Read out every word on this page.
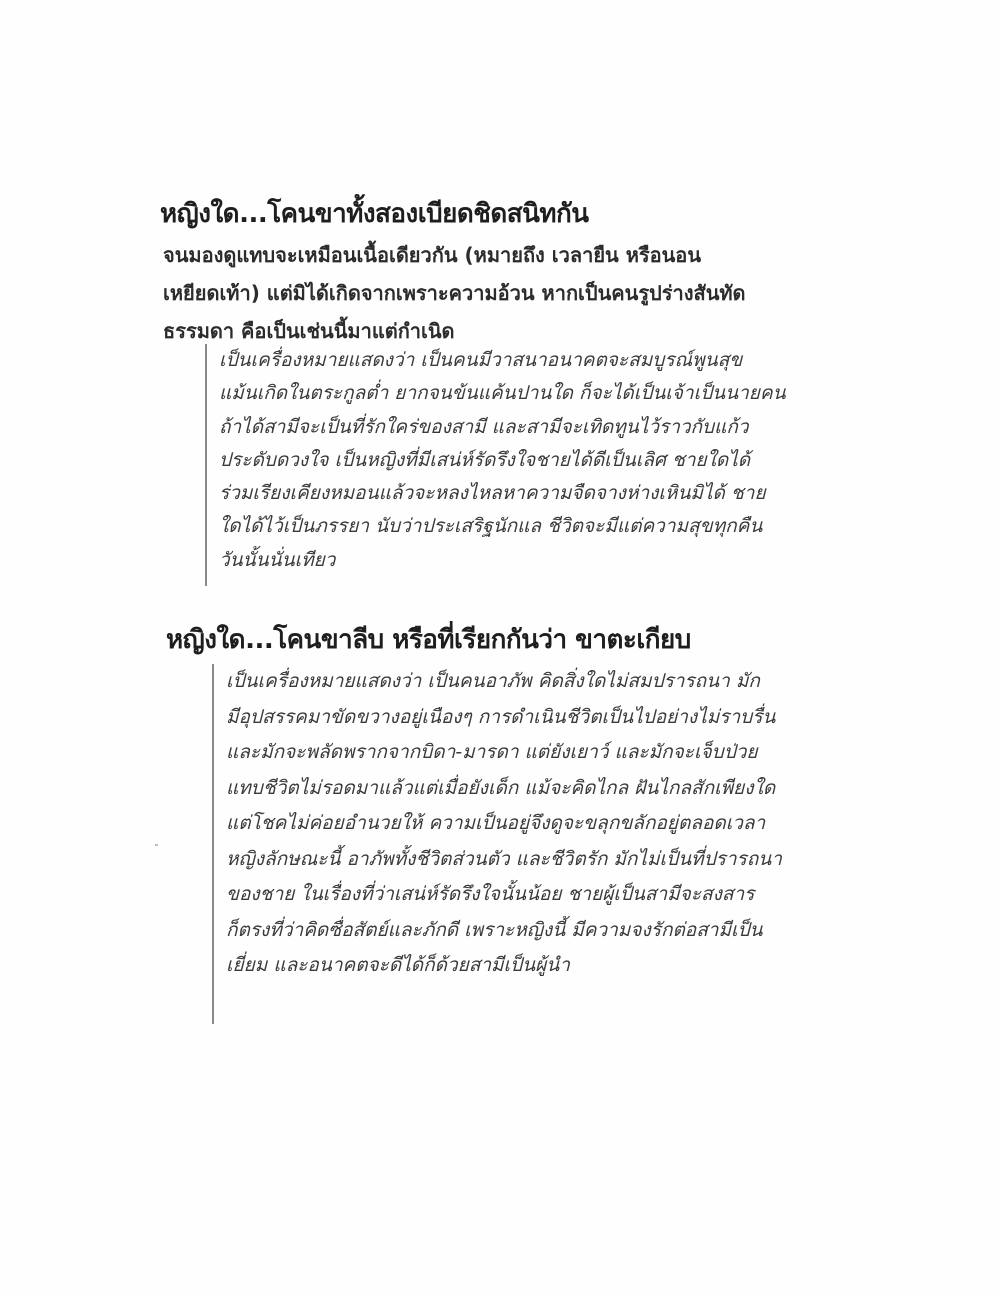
หญิงใด...โคนขาทั้งสองเบียดชิดสนิทกัน
จนมองดูแทบจะเหมือนเนื้อเดียวกัน (หมายถึง เวลายืน หรือนอน
เหยียดเท้า) แต่มิได้เกิดจากเพราะความอ้วน หากเป็นคนรูปร่างสันทัด
ธรรมดา คือเป็นเช่นนี้มาแต่กำเนิด
เป็นเครื่องหมายแสดงว่า เป็นคนมีวาสนาอนาคตจะสมบูรณ์พูนสุข
แม้นเกิดในตระกูลต่ำ ยากจนข้นแค้นปานใด ก็จะได้เป็นเจ้าเป็นนายคน
ถ้าได้สามีจะเป็นที่รักใคร่ของสามี และสามีจะเทิดทูนไว้ราวกับแก้ว
ประดับดวงใจ เป็นหญิงที่มีเสน่ห์รัดรึงใจชายได้ดีเป็นเลิศ ชายใดได้
ร่วมเรียงเคียงหมอนแล้วจะหลงไหลหาความจืดจางห่างเหินมิได้ ชาย
ใดได้ไว้เป็นภรรยา นับว่าประเสริฐนักแล ชีวิตจะมีแต่ความสุขทุกคืน
วันนั้นนั่นเทียว
หญิงใด...โคนขาลีบ หรือที่เรียกกันว่า ขาตะเกียบ
เป็นเครื่องหมายแสดงว่า เป็นคนอาภัพ คิดสิ่งใดไม่สมปรารถนา มัก
มีอุปสรรคมาขัดขวางอยู่เนืองๆ การดำเนินชีวิตเป็นไปอย่างไม่ราบรื่น
และมักจะพลัดพรากจากบิดา-มารดา แต่ยังเยาว์ และมักจะเจ็บป่วย
แทบชีวิตไม่รอดมาแล้วแต่เมื่อยังเด็ก แม้จะคิดไกล ฝันไกลสักเพียงใด
แต่โชคไม่ค่อยอำนวยให้ ความเป็นอยู่จึงดูจะขลุกขลักอยู่ตลอดเวลา
หญิงลักษณะนี้ อาภัพทั้งชีวิตส่วนตัว และชีวิตรัก มักไม่เป็นที่ปรารถนา
ของชาย ในเรื่องที่ว่าเสน่ห์รัดรึงใจนั้นน้อย ชายผู้เป็นสามีจะสงสาร
ก็ตรงที่ว่าคิดซื่อสัตย์และภักดี เพราะหญิงนี้ มีความจงรักต่อสามีเป็น
เยี่ยม และอนาคตจะดีได้ก็ด้วยสามีเป็นผู้นำ
